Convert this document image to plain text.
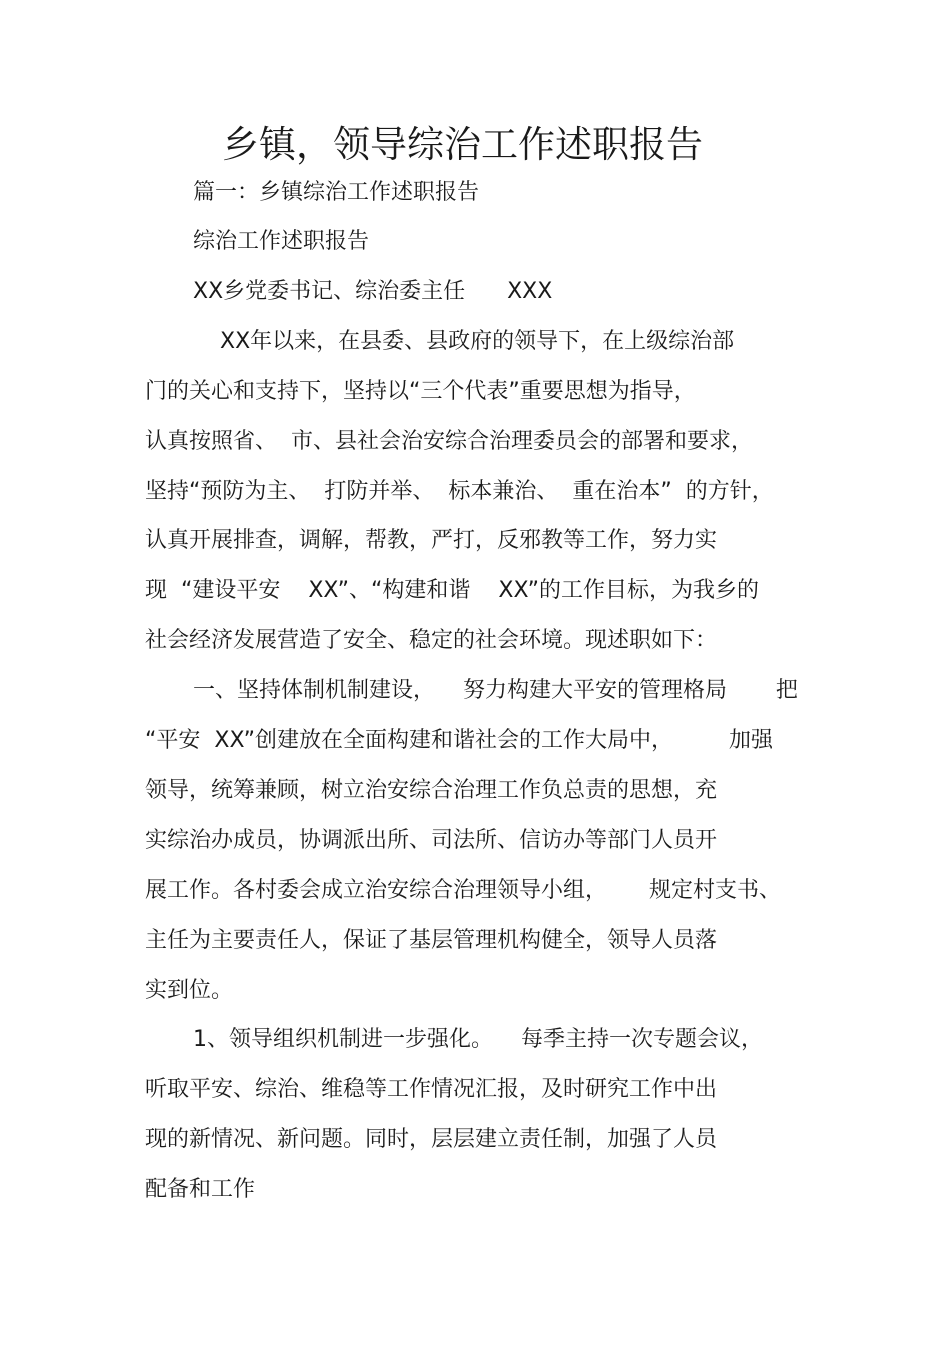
乡镇，领导综治工作述职报告
篇一：乡镇综治工作述职报告
综治工作述职报告
XX乡党委书记、综治委主任      XXX
XX年以来，在县委、县政府的领导下，在上级综治部
门的关心和支持下，坚持以“三个代表”重要思想为指导，
认真按照省、  市、县社会治安综合治理委员会的部署和要求，
坚持“预防为主、  打防并举、  标本兼治、  重在治本”  的方针，
认真开展排查，调解，帮教，严打，反邪教等工作，努力实
现  “建设平安    XX”、“构建和谐    XX”的工作目标，为我乡的
社会经济发展营造了安全、稳定的社会环境。现述职如下：
一、坚持体制机制建设，    努力构建大平安的管理格局       把
“平安  XX”创建放在全面构建和谐社会的工作大局中，        加强
领导，统筹兼顾，树立治安综合治理工作负总责的思想，充
实综治办成员，协调派出所、司法所、信访办等部门人员开
展工作。各村委会成立治安综合治理领导小组，      规定村支书、
主任为主要责任人，保证了基层管理机构健全，领导人员落
实到位。
1、领导组织机制进一步强化。    每季主持一次专题会议，
听取平安、综治、维稳等工作情况汇报，及时研究工作中出
现的新情况、新问题。同时，层层建立责任制，加强了人员
配备和工作
